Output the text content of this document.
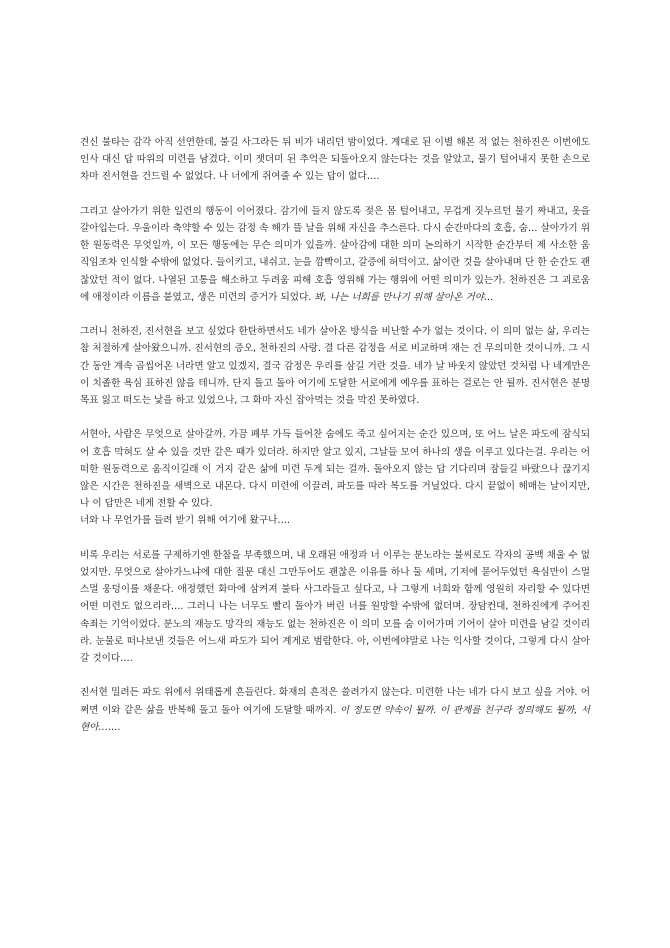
견신 불타는 감각 아직 선연한데, 불길 사그라든 뒤 비가 내리던 밤이었다. 계대로 된 이별 해본 적 없는 천하진은 이번에도 인사 대신 답 따위의 미련을 남겼다. 이미 잿더미 된 추억은 되돌아오지 않는다는 것을 알았고, 물기 털어내지 못한 손으로 차마 진서현을 건드릴 수 없었다. 나 너에게 쥐여줄 수 있는 답이 없다….

그리고 살아가기 위한 일련의 행동이 이어졌다. 감기에 들지 않도록 젖은 몸 털어내고, 무겁게 짓누르던 물기 짜내고, 옷을 갈아입는다. 우울이라 축약할 수 있는 감정 속 해가 뜰 날을 위해 자신을 추스른다. 다시 순간마다의 호흡, 숨… 살아가기 위한 원동력은 무엇일까, 이 모든 행동에는 무슨 의미가 있을까. 살아감에 대한 의미 논의하기 시작한 순간부터 제 사소한 움직임조차 인식할 수밖에 없었다. 들이키고, 내쉬고. 눈을 깜빡이고, 갈증에 허덕이고. 삶이란 것을 살아내며 단 한 순간도 괜찮았던 적이 없다. 나열된 고통을 해소하고 두려움 피해 호흡 영위해 가는 행위에 어떤 의미가 있는가. 천하진은 그 괴로움에 애정이라 이름을 붙였고, 생은 미련의 증거가 되었다. 봐, 나는 너희를 만나기 위해 살아온 거야…

그러니 천하진, 진서현을 보고 싶었다 한탄하면서도 네가 살아온 방식을 비난할 수가 없는 것이다. 이 의미 없는 삶, 우리는 참 처절하게 살아왔으니까. 진서현의 증오, 천하진의 사랑. 결 다른 감정을 서로 비교하며 재는 건 무의미한 것이니까. 그 시간 동안 계속 곱씹어온 너라면 알고 있겠지, 결국 감정은 우리를 삼길 거란 것을. 네가 날 바웃지 않았던 것처럼 나 네게만은 이 치졸한 욕심 표하진 않을 테니까. 단지 돌고 돌아 여기에 도달한 서로에게 예우를 표하는 걸로는 안 될까. 진서현은 분명 목표 잃고 떠도는 낯을 하고 있었으나, 그 화마 자신 잡아먹는 것을 막진 못하였다.

서현아, 사람은 무엇으로 살아갈까. 가끔 폐부 가득 들어찬 숨에도 죽고 싶어지는 순간 있으며, 또 어느 날은 파도에 잠식되어 호흡 막혀도 살 수 있을 것만 같은 때가 있더라. 하지만 알고 있지, 그날들 모여 하나의 생을 이루고 있다는걸. 우리는 어떠한 원동력으로 움직이길래 이 거지 같은 삶에 미련 두게 되는 걸까. 돌아오지 않는 답 기다리며 잠들길 바랐으나 끊기지 않은 시간은 천하진을 새벽으로 내몬다. 다시 미련에 이끌려, 파도를 따라 복도를 거닐었다. 다시 끝없이 헤매는 날이지만, 나 이 답만은 네게 전할 수 있다.

너와 나 무언가를 들려 받기 위해 여기에 왔구나….

비록 우리는 서로를 구제하기엔 한참을 부족했으며, 내 오래된 애정과 너 이루는 분노라는 불씨로도 각자의 공백 채울 수 없었지만. 무엇으로 살아가느냐에 대한 질문 대신 그만두어도 괜찮은 이유를 하나 둘 세며, 기저에 묻어두었던 욕심만이 스멀스멀 웅덩이를 채운다. 애정했던 화마에 삼켜져 불타 사그라들고 싶다고, 나 그렇게 너희와 함께 영원히 자리할 수 있다면 어떤 미련도 없으리라…. 그러니 나는 너무도 빨리 돌아가 버린 너를 원망할 수밖에 없더며. 장담컨대, 천하진에게 주어진 속죄는 기억이었다. 분노의 재능도 망각의 재능도 없는 천하진은 이 의미 모를 숨 이어가며 기어이 살아 미련을 남길 것이리라. 눈물로 떠나보낸 것들은 어느새 파도가 되어 계게로 범람한다. 아, 이번에야말로 나는 익사할 것이다, 그렇게 다시 살아갈 것이다….

진서현 밀려든 파도 위에서 위태롭게 흔들린다. 화재의 흔적은 쓸려가지 않는다. 미련한 나는 네가 다시 보고 싶을 거야. 어쩌면 이와 같은 삶을 반복해 돌고 돌아 여기에 도달할 때까지. 이 정도면 약속이 될까. 이 관계를 친구라 정의해도 될까, 서현아…….
